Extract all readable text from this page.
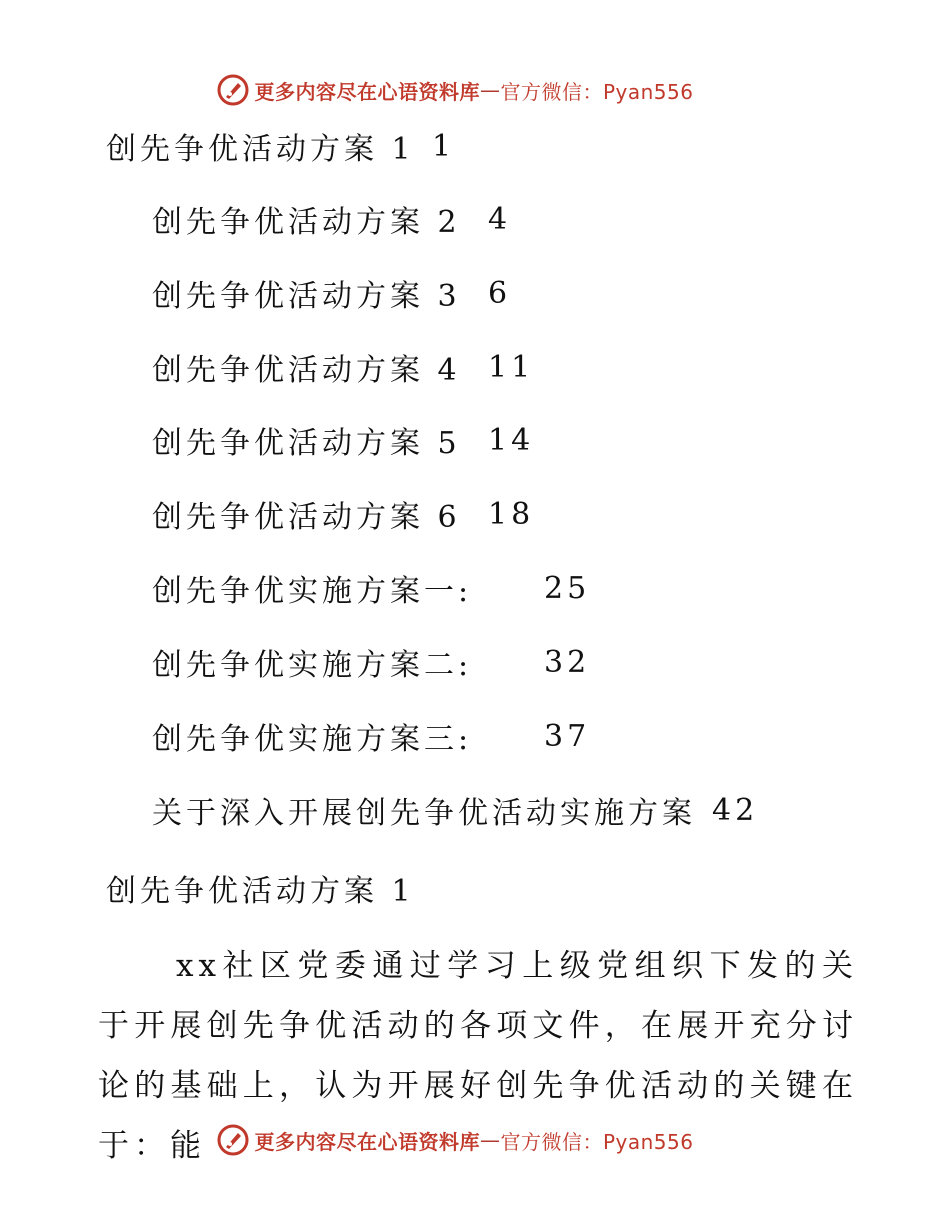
更多内容尽在心语资料库 — 官方微信：Pyan556
创先争优活动方案 1 1
创先争优活动方案 2 4
创先争优活动方案 3 6
创先争优活动方案 4 11
创先争优活动方案 5 14
创先争优活动方案 6 18
创先争优实施方案一: 25
创先争优实施方案二: 32
创先争优实施方案三: 37
关于深入开展创先争优活动实施方案 42
创先争优活动方案 1
xx社区党委通过学习上级党组织下发的关于开展创先争优活动的各项文件，在展开充分讨论的基础上，认为开展好创先争优活动的关键在于：能	更多内容尽在心语资料库 — 官方微信：Pyan556
